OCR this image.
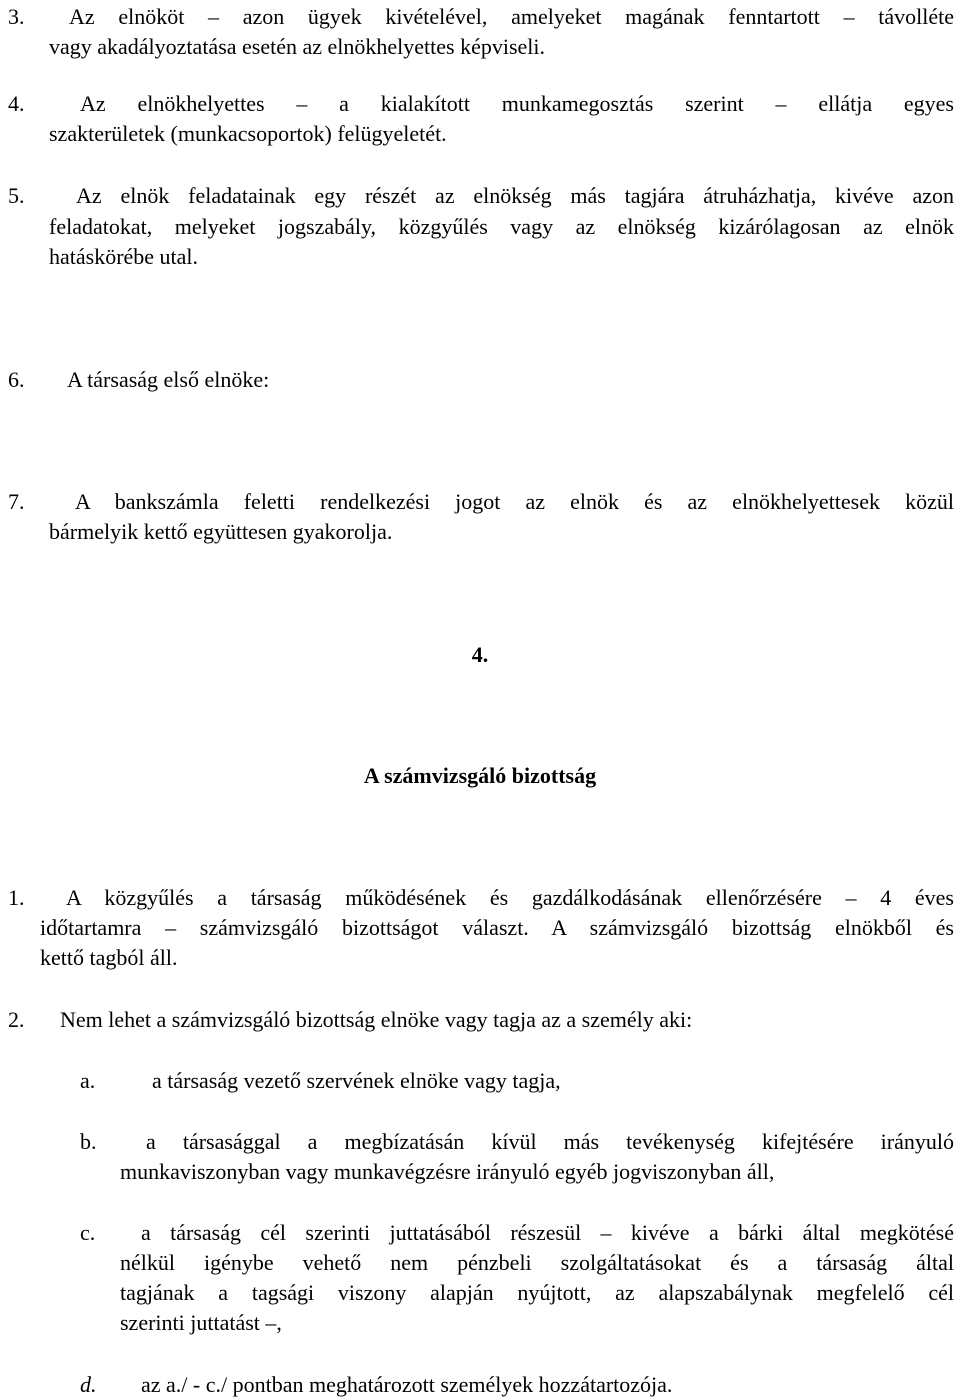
3.	Az elnököt – azon ügyek kivételével, amelyeket magának fenntartott – távolléte
vagy akadályoztatása esetén az elnökhelyettes képviseli.
4.	Az elnökhelyettes – a kialakított munkamegosztás szerint – ellátja egyes
szakterületek (munkacsoportok) felügyeletét.
5.	Az elnök feladatainak egy részét az elnökség más tagjára átruházhatja, kivéve azon
feladatokat, melyeket jogszabály, közgyűlés vagy az elnökség kizárólagosan az elnök
hatáskörébe utal.
6. A társaság első elnöke:
7.	A bankszámla feletti rendelkezési jogot az elnök és az elnökhelyettesek közül
bármelyik kettő együttesen gyakorolja.
4.
A számvizsgáló bizottság
1.	A közgyűlés a társaság működésének és gazdálkodásának ellenőrzésére – 4 éves
időtartamra – számvizsgáló bizottságot választ. A számvizsgáló bizottság elnökből és
kettő tagból áll.
2. Nem lehet a számvizsgáló bizottság elnöke vagy tagja az a személy aki:
a.	a társaság vezető szervének elnöke vagy tagja,
b. a társasággal a megbízatásán kívül más tevékenység kifejtésére irányuló
munkaviszonyban vagy munkavégzésre irányuló egyéb jogviszonyban áll,
c. a társaság cél szerinti juttatásából részesül – kivéve a bárki által megkötésé
nélkül igénybe vehető nem pénzbeli szolgáltatásokat és a társaság által
tagjának a tagsági viszony alapján nyújtott, az alapszabálynak megfelelő cél
szerinti juttatást –,
d. az a./ - c./ pontban meghatározott személyek hozzátartozója.
